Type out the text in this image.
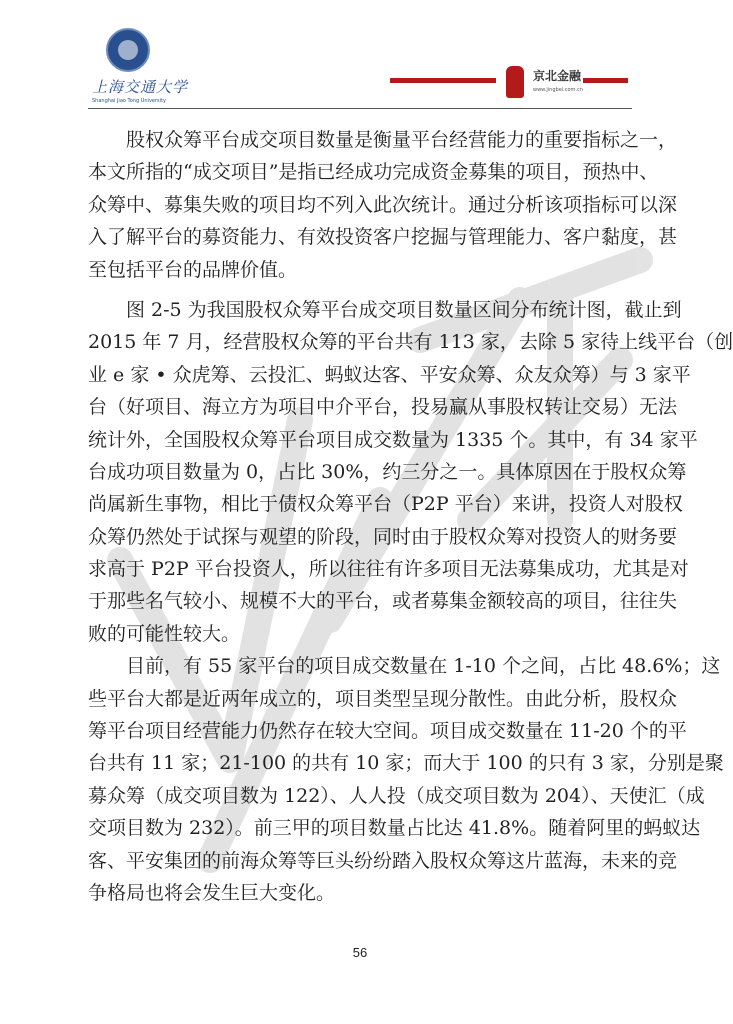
上海交通大学
Shanghai Jiao Tong University
京北金融
www.jingbei.com.cn
股权众筹平台成交项目数量是衡量平台经营能力的重要指标之一，
本文所指的“成交项目”是指已经成功完成资金募集的项目，预热中、
众筹中、募集失败的项目均不列入此次统计。通过分析该项指标可以深
入了解平台的募资能力、有效投资客户挖掘与管理能力、客户黏度，甚
至包括平台的品牌价值。
图 2-5 为我国股权众筹平台成交项目数量区间分布统计图，截止到
2015 年 7 月，经营股权众筹的平台共有 113 家，去除 5 家待上线平台（创
业 e 家 • 众虎筹、云投汇、蚂蚁达客、平安众筹、众友众筹）与 3 家平
台（好项目、海立方为项目中介平台，投易赢从事股权转让交易）无法
统计外，全国股权众筹平台项目成交数量为 1335 个。其中，有 34 家平
台成功项目数量为 0，占比 30%，约三分之一。具体原因在于股权众筹
尚属新生事物，相比于债权众筹平台（P2P 平台）来讲，投资人对股权
众筹仍然处于试探与观望的阶段，同时由于股权众筹对投资人的财务要
求高于 P2P 平台投资人，所以往往有许多项目无法募集成功，尤其是对
于那些名气较小、规模不大的平台，或者募集金额较高的项目，往往失
败的可能性较大。
目前，有 55 家平台的项目成交数量在 1-10 个之间，占比 48.6%；这
些平台大都是近两年成立的，项目类型呈现分散性。由此分析，股权众
筹平台项目经营能力仍然存在较大空间。项目成交数量在 11-20 个的平
台共有 11 家；21-100 的共有 10 家；而大于 100 的只有 3 家，分别是聚
募众筹（成交项目数为 122）、人人投（成交项目数为 204）、天使汇（成
交项目数为 232）。前三甲的项目数量占比达 41.8%。随着阿里的蚂蚁达
客、平安集团的前海众筹等巨头纷纷踏入股权众筹这片蓝海，未来的竞
争格局也将会发生巨大变化。
56
